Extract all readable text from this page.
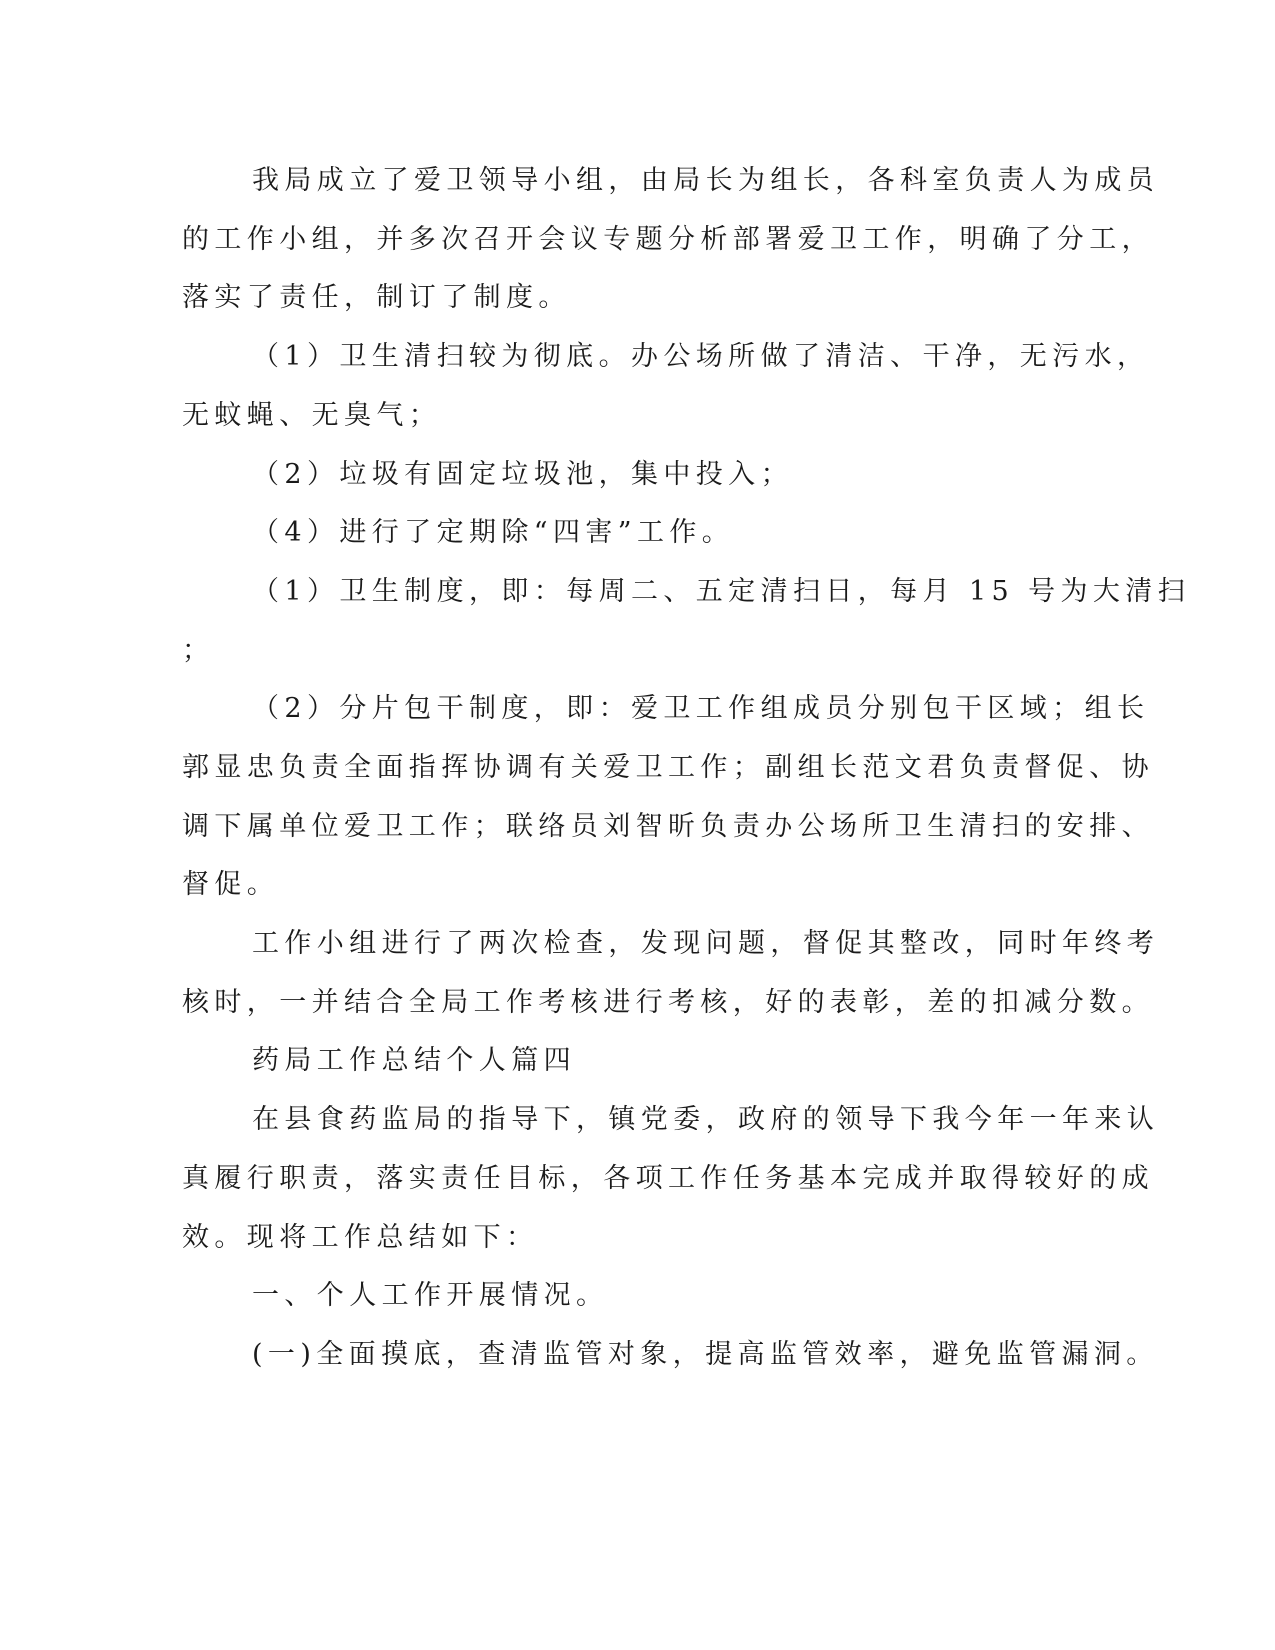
我局成立了爱卫领导小组，由局长为组长，各科室负责人为成员
的工作小组，并多次召开会议专题分析部署爱卫工作，明确了分工，
落实了责任，制订了制度。
（1）卫生清扫较为彻底。办公场所做了清洁、干净，无污水，
无蚊蝇、无臭气；
（2）垃圾有固定垃圾池，集中投入；
（4）进行了定期除“四害”工作。
（1）卫生制度，即：每周二、五定清扫日，每月 15 号为大清扫
；
（2）分片包干制度，即：爱卫工作组成员分别包干区域；组长
郭显忠负责全面指挥协调有关爱卫工作；副组长范文君负责督促、协
调下属单位爱卫工作；联络员刘智昕负责办公场所卫生清扫的安排、
督促。
工作小组进行了两次检查，发现问题，督促其整改，同时年终考
核时，一并结合全局工作考核进行考核，好的表彰，差的扣减分数。
药局工作总结个人篇四
在县食药监局的指导下，镇党委，政府的领导下我今年一年来认
真履行职责，落实责任目标，各项工作任务基本完成并取得较好的成
效。现将工作总结如下：
一、个人工作开展情况。
(一)全面摸底，查清监管对象，提高监管效率，避免监管漏洞。
